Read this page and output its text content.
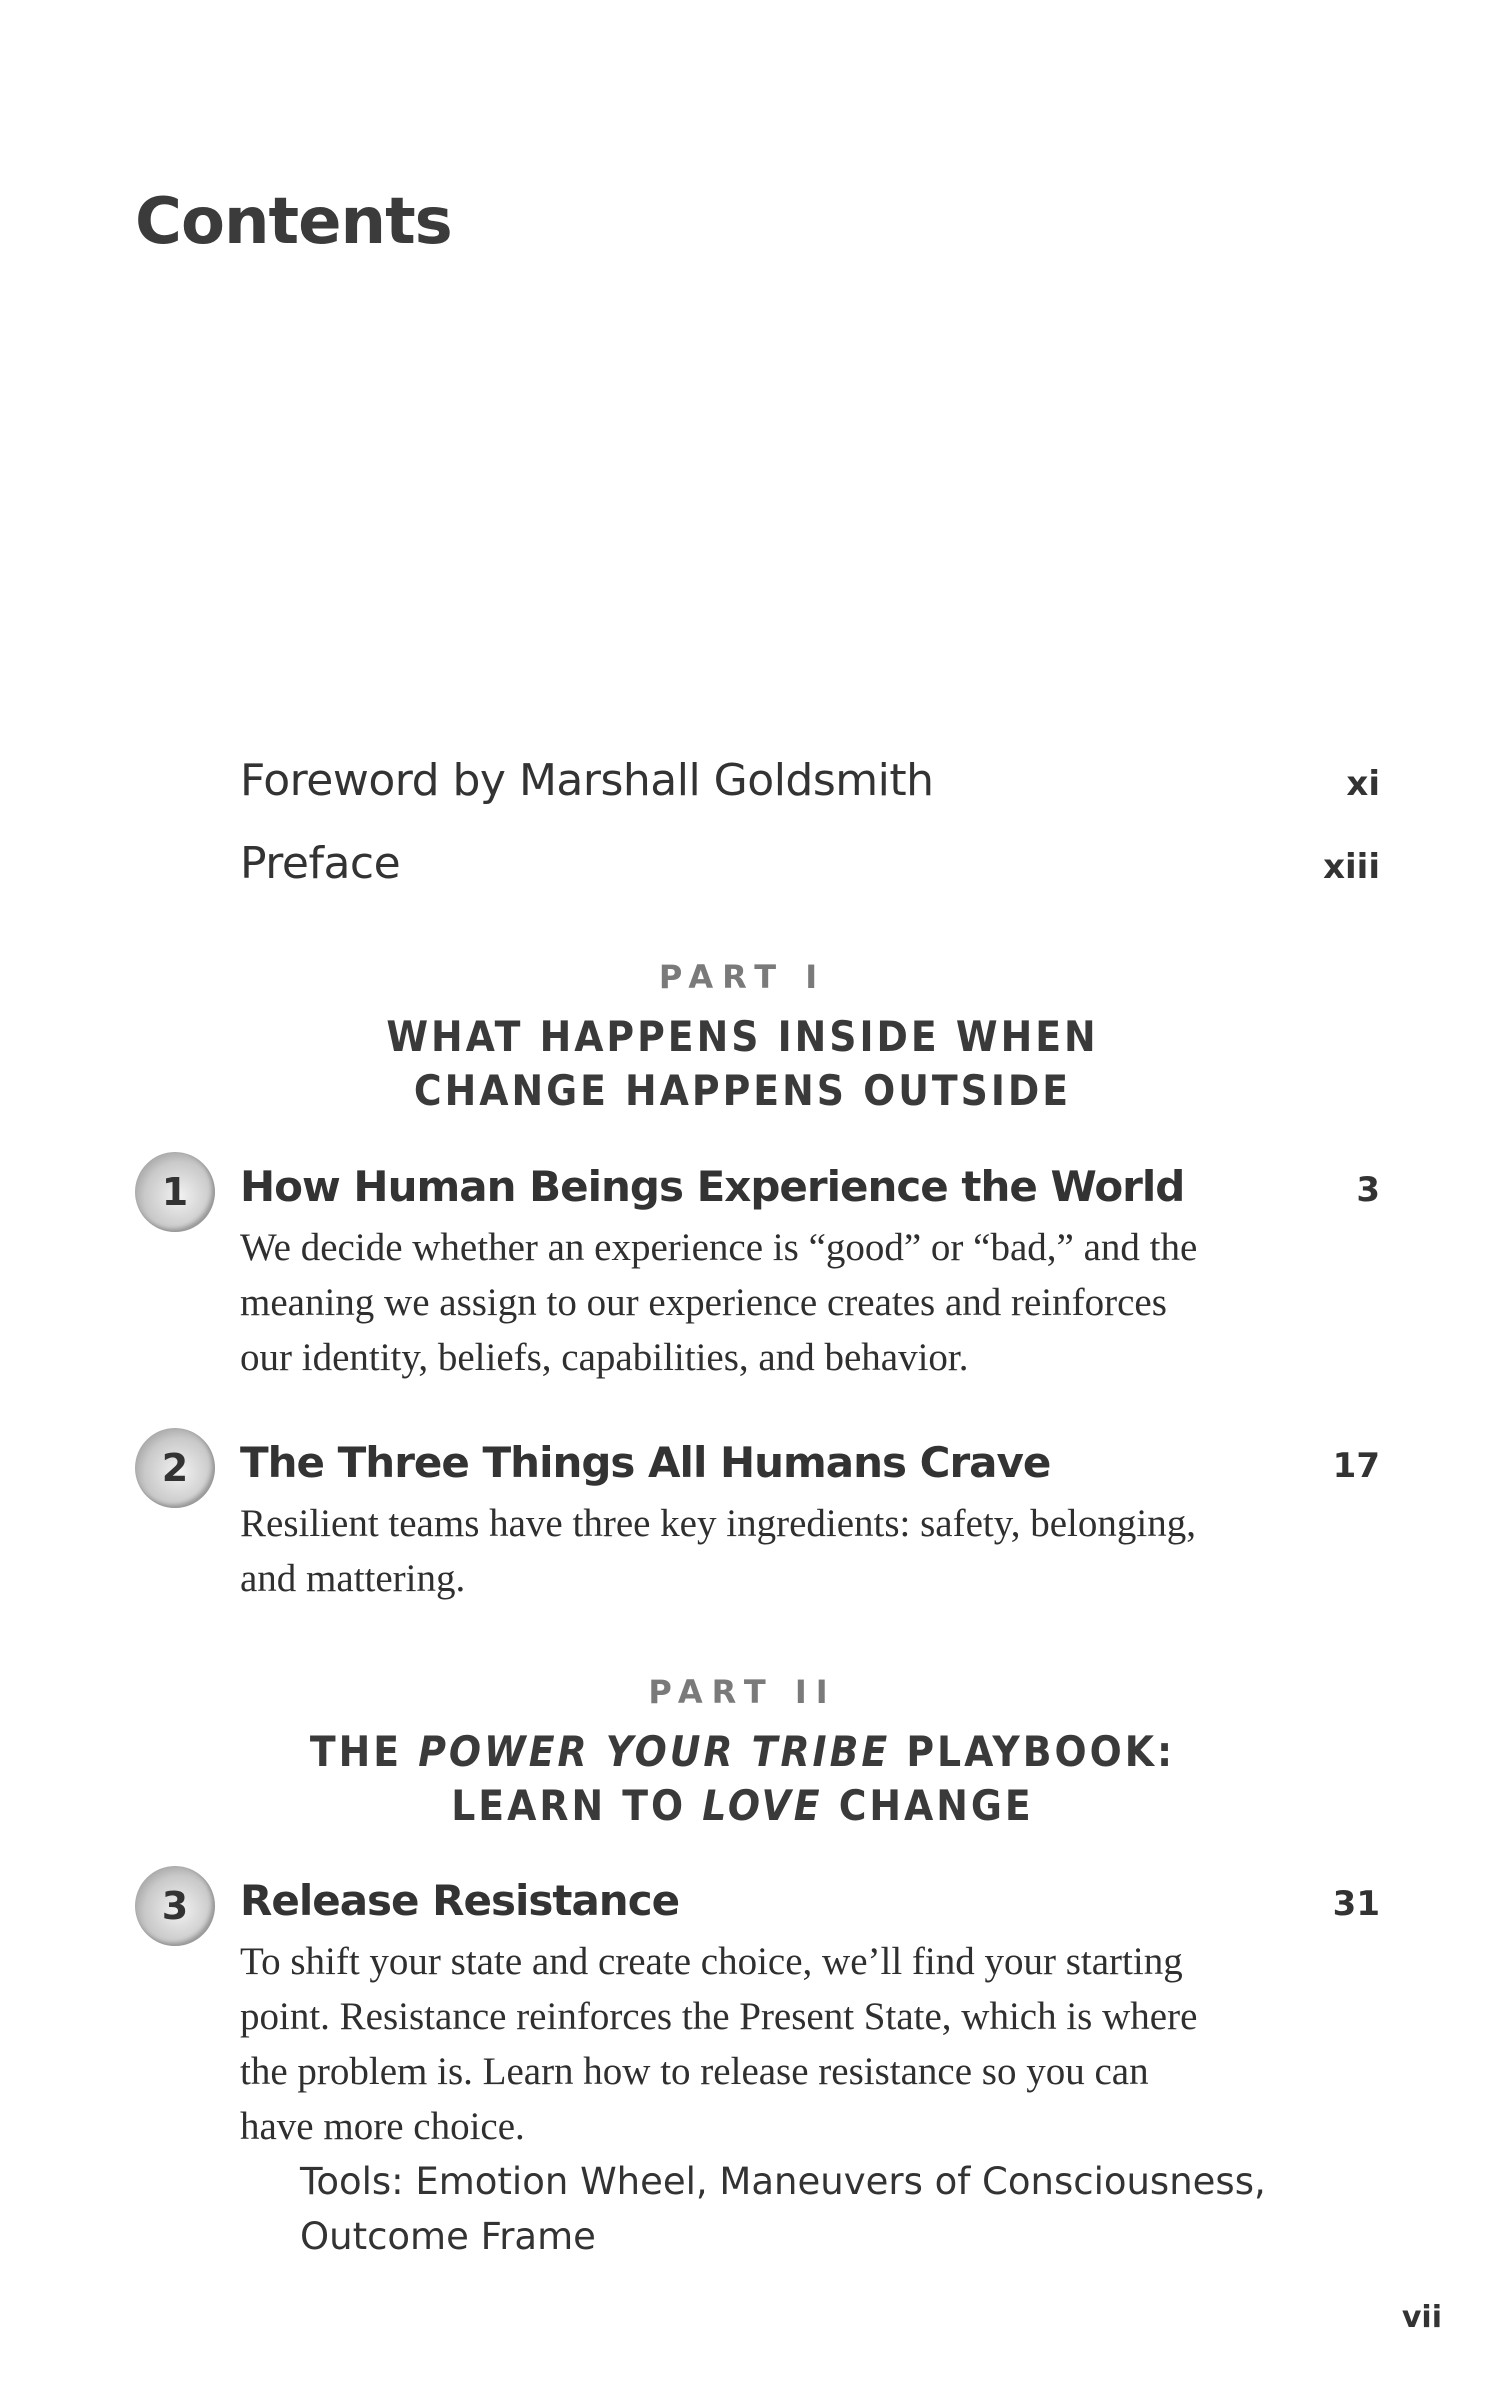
Contents
Foreword by Marshall Goldsmith	xi
Preface	xiii
PART I
WHAT HAPPENS INSIDE WHEN
CHANGE HAPPENS OUTSIDE
1	How Human Beings Experience the World	3
We decide whether an experience is “good” or “bad,” and the
meaning we assign to our experience creates and reinforces
our identity, beliefs, capabilities, and behavior.
2	The Three Things All Humans Crave	17
Resilient teams have three key ingredients: safety, belonging,
and mattering.
PART II
THE POWER YOUR TRIBE PLAYBOOK:
LEARN TO LOVE CHANGE
3	Release Resistance	31
To shift your state and create choice, we’ll find your starting
point. Resistance reinforces the Present State, which is where
the problem is. Learn how to release resistance so you can
have more choice.
Tools: Emotion Wheel, Maneuvers of Consciousness,
Outcome Frame
vii
